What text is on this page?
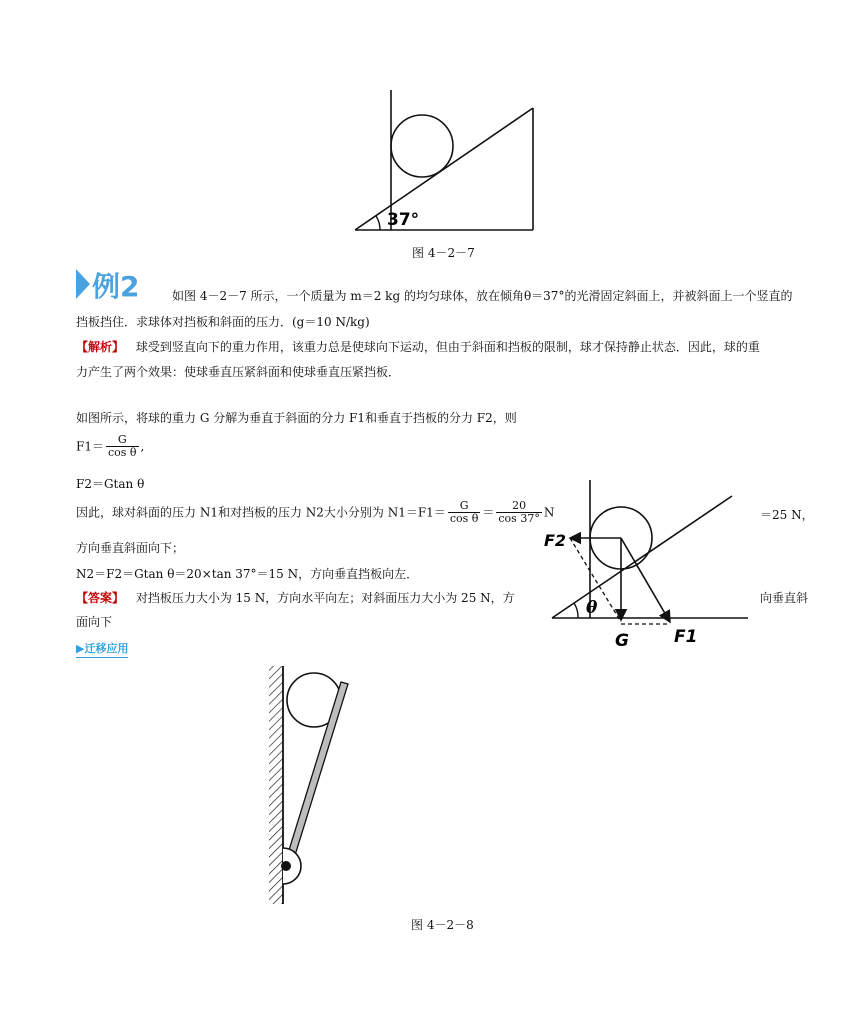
37°
图 4－2－7
例2	如图 4－2－7 所示，一个质量为 m＝2 kg 的均匀球体，放在倾角θ＝37°的光滑固定斜面上，并被斜面上一个竖直的
挡板挡住．求球体对挡板和斜面的压力．(g＝10 N/kg)
【解析】 球受到竖直向下的重力作用，该重力总是使球向下运动，但由于斜面和挡板的限制，球才保持静止状态．因此，球的重
力产生了两个效果：使球垂直压紧斜面和使球垂直压紧挡板．
如图所示，将球的重力 G 分解为垂直于斜面的分力 F1和垂直于挡板的分力 F2，则
$F1= \frac{G}{\text{cos θ}}$ ,
F2＝Gtan θ
因此，球对斜面的压力 N1和对挡板的压力 N2大小分别为 $N1=F1= \frac{G}{\text{cos θ}} = \frac{20}{\cos 37^\circ}$ N	＝25 N，
方向垂直斜面向下；
N2＝F2＝Gtan θ＝20×tan 37°＝15 N，方向垂直挡板向左．
【答案】 对挡板压力大小为 15 N，方向水平向左；对斜面压力大小为 25 N，方	向垂直斜
面向下
▶迁移应用
F2
θ
G	F1
图 4－2－8
